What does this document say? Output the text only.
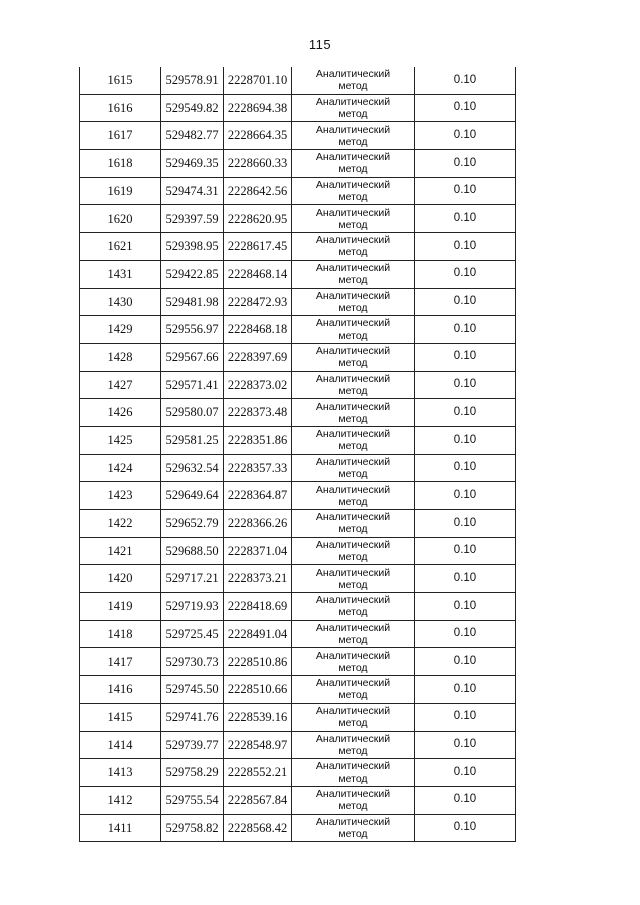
115
1615	529578.91	2228701.10	Аналитический метод	0.10
1616	529549.82	2228694.38	Аналитический метод	0.10
1617	529482.77	2228664.35	Аналитический метод	0.10
1618	529469.35	2228660.33	Аналитический метод	0.10
1619	529474.31	2228642.56	Аналитический метод	0.10
1620	529397.59	2228620.95	Аналитический метод	0.10
1621	529398.95	2228617.45	Аналитический метод	0.10
1431	529422.85	2228468.14	Аналитический метод	0.10
1430	529481.98	2228472.93	Аналитический метод	0.10
1429	529556.97	2228468.18	Аналитический метод	0.10
1428	529567.66	2228397.69	Аналитический метод	0.10
1427	529571.41	2228373.02	Аналитический метод	0.10
1426	529580.07	2228373.48	Аналитический метод	0.10
1425	529581.25	2228351.86	Аналитический метод	0.10
1424	529632.54	2228357.33	Аналитический метод	0.10
1423	529649.64	2228364.87	Аналитический метод	0.10
1422	529652.79	2228366.26	Аналитический метод	0.10
1421	529688.50	2228371.04	Аналитический метод	0.10
1420	529717.21	2228373.21	Аналитический метод	0.10
1419	529719.93	2228418.69	Аналитический метод	0.10
1418	529725.45	2228491.04	Аналитический метод	0.10
1417	529730.73	2228510.86	Аналитический метод	0.10
1416	529745.50	2228510.66	Аналитический метод	0.10
1415	529741.76	2228539.16	Аналитический метод	0.10
1414	529739.77	2228548.97	Аналитический метод	0.10
1413	529758.29	2228552.21	Аналитический метод	0.10
1412	529755.54	2228567.84	Аналитический метод	0.10
1411	529758.82	2228568.42	Аналитический метод	0.10
